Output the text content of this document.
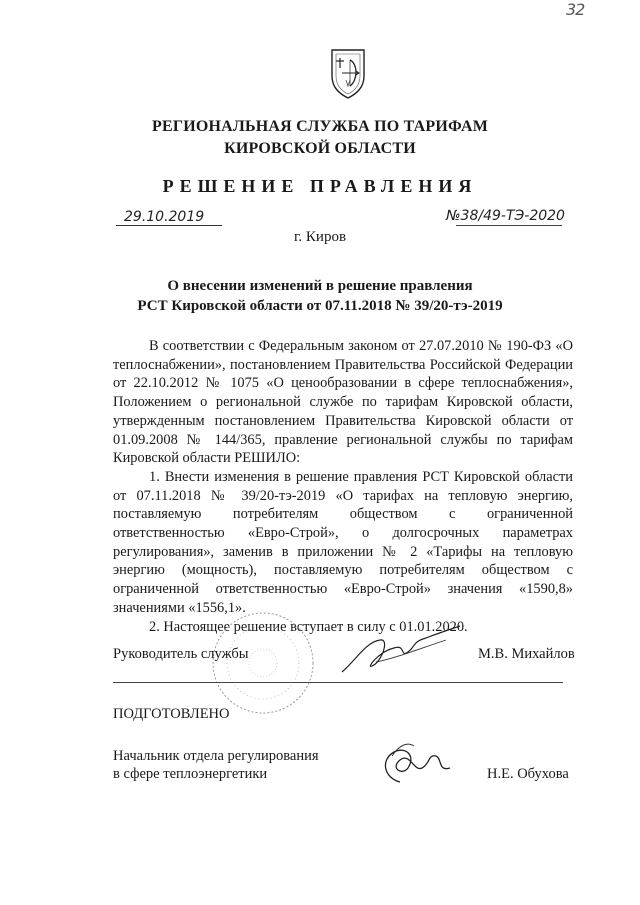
32
РЕГИОНАЛЬНАЯ СЛУЖБА ПО ТАРИФАМ
КИРОВСКОЙ ОБЛАСТИ
РЕШЕНИЕ ПРАВЛЕНИЯ
29.10.2019	№38/49-ТЭ-2020
г. Киров
О внесении изменений в решение правления
РСТ Кировской области от 07.11.2018 № 39/20-тэ-2019

В соответствии с Федеральным законом от 27.07.2010 № 190-ФЗ «О теплоснабжении», постановлением Правительства Российской Федерации от 22.10.2012 № 1075 «О ценообразовании в сфере теплоснабжения», Положением о региональной службе по тарифам Кировской области, утвержденным постановлением Правительства Кировской области от 01.09.2008 № 144/365, правление региональной службы по тарифам Кировской области РЕШИЛО:

1. Внести изменения в решение правления РСТ Кировской области от 07.11.2018 № 39/20-тэ-2019 «О тарифах на тепловую энергию, поставляемую потребителям обществом с ограниченной ответственностью «Евро-Строй», о долгосрочных параметрах регулирования», заменив в приложении № 2 «Тарифы на тепловую энергию (мощность), поставляемую потребителям обществом с ограниченной ответственностью «Евро-Строй» значения «1590,8» значениями «1556,1».

2. Настоящее решение вступает в силу с 01.01.2020.

Руководитель службы	М.В. Михайлов
ПОДГОТОВЛЕНО
Начальник отдела регулирования
в сфере теплоэнергетики	Н.Е. Обухова
